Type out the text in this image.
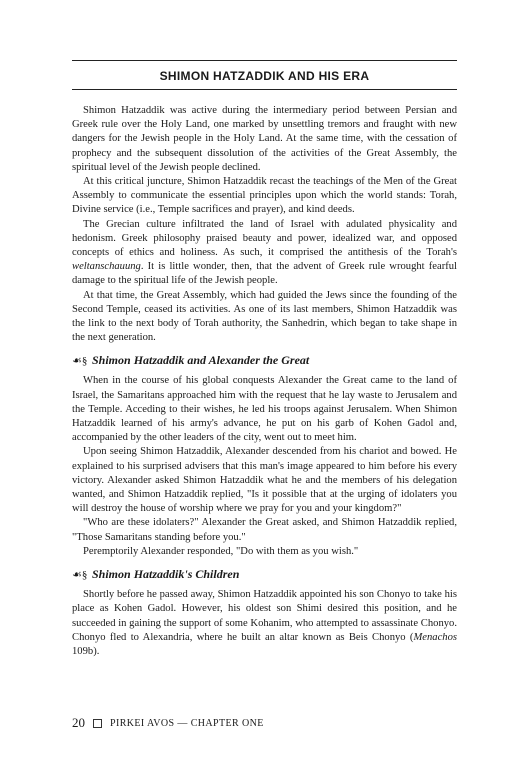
SHIMON HATZADDIK AND HIS ERA

Shimon Hatzaddik was active during the intermediary period between Persian and Greek rule over the Holy Land, one marked by unsettling tremors and fraught with new dangers for the Jewish people in the Holy Land. At the same time, with the cessation of prophecy and the subsequent dissolution of the activities of the Great Assembly, the spiritual level of the Jewish people declined.

At this critical juncture, Shimon Hatzaddik recast the teachings of the Men of the Great Assembly to communicate the essential principles upon which the world stands: Torah, Divine service (i.e., Temple sacrifices and prayer), and kind deeds.

The Grecian culture infiltrated the land of Israel with adulated physicality and hedonism. Greek philosophy praised beauty and power, idealized war, and opposed concepts of ethics and holiness. As such, it comprised the antithesis of the Torah's weltanschauung. It is little wonder, then, that the advent of Greek rule wrought fearful damage to the spiritual life of the Jewish people.

At that time, the Great Assembly, which had guided the Jews since the founding of the Second Temple, ceased its activities. As one of its last members, Shimon Hatzaddik was the link to the next body of Torah authority, the Sanhedrin, which began to take shape in the next generation.

☙§ Shimon Hatzaddik and Alexander the Great

When in the course of his global conquests Alexander the Great came to the land of Israel, the Samaritans approached him with the request that he lay waste to Jerusalem and the Temple. Acceding to their wishes, he led his troops against Jerusalem. When Shimon Hatzaddik learned of his army's advance, he put on his garb of Kohen Gadol and, accompanied by the other leaders of the city, went out to meet him.

Upon seeing Shimon Hatzaddik, Alexander descended from his chariot and bowed. He explained to his surprised advisers that this man's image appeared to him before his every victory. Alexander asked Shimon Hatzaddik what he and the members of his delegation wanted, and Shimon Hatzaddik replied, "Is it possible that at the urging of idolaters you will destroy the house of worship where we pray for you and your kingdom?"

"Who are these idolaters?" Alexander the Great asked, and Shimon Hatzaddik replied, "Those Samaritans standing before you."

Peremptorily Alexander responded, "Do with them as you wish."

☙§ Shimon Hatzaddik's Children

Shortly before he passed away, Shimon Hatzaddik appointed his son Chonyo to take his place as Kohen Gadol. However, his oldest son Shimi desired this position, and he succeeded in gaining the support of some Kohanim, who attempted to assassinate Chonyo. Chonyo fled to Alexandria, where he built an altar known as Beis Chonyo (Menachos 109b).

20	PIRKEI AVOS — CHAPTER ONE
